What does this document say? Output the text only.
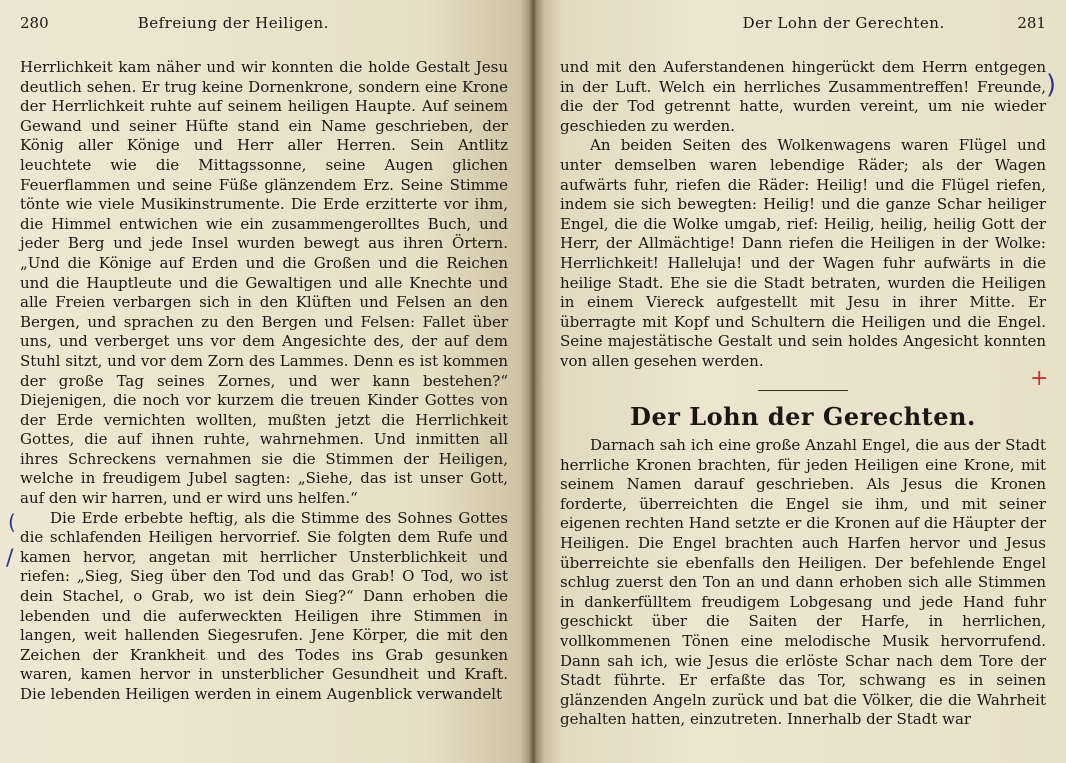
280	Befreiung der Heiligen.

Herrlichkeit kam näher und wir konnten die holde Gestalt Jesu deutlich sehen. Er trug keine Dornenkrone, sondern eine Krone der Herrlichkeit ruhte auf seinem heiligen Haupte. Auf seinem Gewand und seiner Hüfte stand ein Name geschrieben, der König aller Könige und Herr aller Herren. Sein Antlitz leuchtete wie die Mittagssonne, seine Augen glichen Feuerflammen und seine Füße glänzendem Erz. Seine Stimme tönte wie viele Musikinstrumente. Die Erde erzitterte vor ihm, die Himmel entwichen wie ein zusammengerolltes Buch, und jeder Berg und jede Insel wurden bewegt aus ihren Örtern. „Und die Könige auf Erden und die Großen und die Reichen und die Hauptleute und die Gewaltigen und alle Knechte und alle Freien verbargen sich in den Klüften und Felsen an den Bergen, und sprachen zu den Bergen und Felsen: Fallet über uns, und verberget uns vor dem Angesichte des, der auf dem Stuhl sitzt, und vor dem Zorn des Lammes. Denn es ist kommen der große Tag seines Zornes, und wer kann bestehen?“ Diejenigen, die noch vor kurzem die treuen Kinder Gottes von der Erde vernichten wollten, mußten jetzt die Herrlichkeit Gottes, die auf ihnen ruhte, wahrnehmen. Und inmitten all ihres Schreckens vernahmen sie die Stimmen der Heiligen, welche in freudigem Jubel sagten: „Siehe, das ist unser Gott, auf den wir harren, und er wird uns helfen.“

Die Erde erbebte heftig, als die Stimme des Sohnes Gottes die schlafenden Heiligen hervorrief. Sie folgten dem Rufe und kamen hervor, angetan mit herrlicher Unsterblichkeit und riefen: „Sieg, Sieg über den Tod und das Grab! O Tod, wo ist dein Stachel, o Grab, wo ist dein Sieg?“ Dann erhoben die lebenden und die auferweckten Heiligen ihre Stimmen in langen, weit hallenden Siegesrufen. Jene Körper, die mit den Zeichen der Krankheit und des Todes ins Grab gesunken waren, kamen hervor in unsterblicher Gesundheit und Kraft. Die lebenden Heiligen werden in einem Augenblick verwandelt

(
/
Der Lohn der Gerechten.	281

und mit den Auferstandenen hingerückt dem Herrn entgegen in der Luft. Welch ein herrliches Zusammentreffen! Freunde, die der Tod getrennt hatte, wurden vereint, um nie wieder geschieden zu werden.

An beiden Seiten des Wolkenwagens waren Flügel und unter demselben waren lebendige Räder; als der Wagen aufwärts fuhr, riefen die Räder: Heilig! und die Flügel riefen, indem sie sich bewegten: Heilig! und die ganze Schar heiliger Engel, die die Wolke umgab, rief: Heilig, heilig, heilig Gott der Herr, der Allmächtige! Dann riefen die Heiligen in der Wolke: Herrlichkeit! Halleluja! und der Wagen fuhr aufwärts in die heilige Stadt. Ehe sie die Stadt betraten, wurden die Heiligen in einem Viereck aufgestellt mit Jesu in ihrer Mitte. Er überragte mit Kopf und Schultern die Heiligen und die Engel. Seine majestätische Gestalt und sein holdes Angesicht konnten von allen gesehen werden.

Der Lohn der Gerechten.

Darnach sah ich eine große Anzahl Engel, die aus der Stadt herrliche Kronen brachten, für jeden Heiligen eine Krone, mit seinem Namen darauf geschrieben. Als Jesus die Kronen forderte, überreichten die Engel sie ihm, und mit seiner eigenen rechten Hand setzte er die Kronen auf die Häupter der Heiligen. Die Engel brachten auch Harfen hervor und Jesus überreichte sie ebenfalls den Heiligen. Der befehlende Engel schlug zuerst den Ton an und dann erhoben sich alle Stimmen in dankerfülltem freudigem Lobgesang und jede Hand fuhr geschickt über die Saiten der Harfe, in herrlichen, vollkommenen Tönen eine melodische Musik hervorrufend. Dann sah ich, wie Jesus die erlöste Schar nach dem Tore der Stadt führte. Er erfaßte das Tor, schwang es in seinen glänzenden Angeln zurück und bat die Völker, die die Wahrheit gehalten hatten, einzutreten. Innerhalb der Stadt war

+
)
